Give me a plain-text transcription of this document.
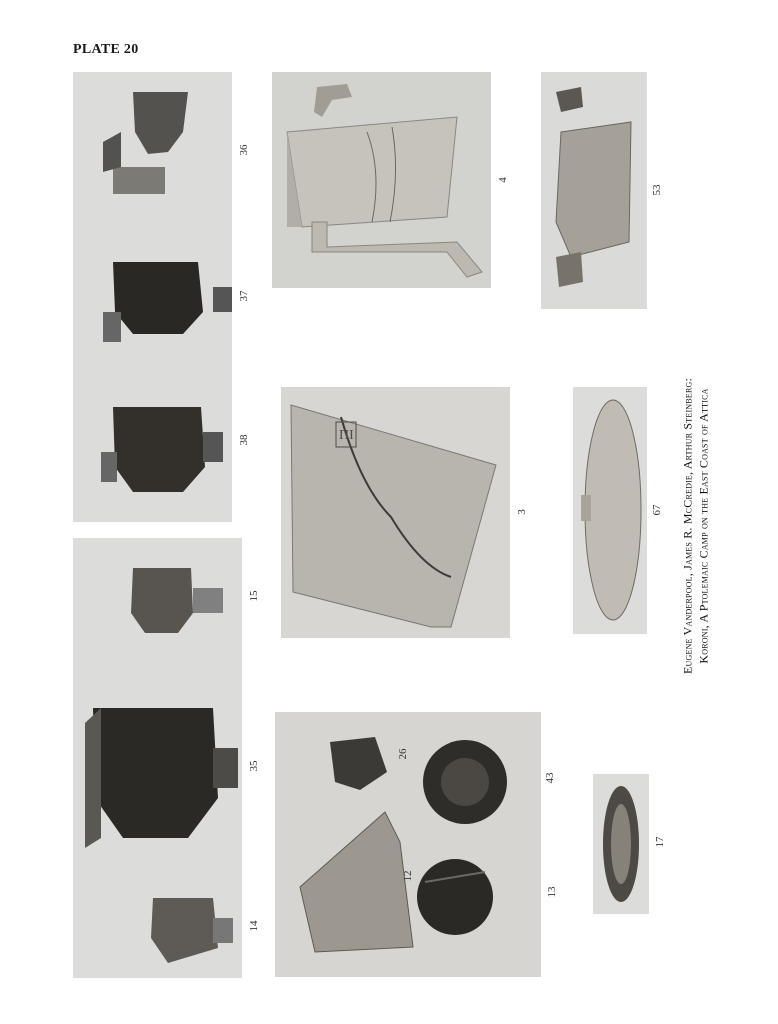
PLATE 20
36
37
38
15
35
14
4
ΠΙ
3
26
43
12
13
53
67
17
Eugene Vanderpool, James R. McCredie, Arthur Steinberg: Koroni, A Ptolemaic Camp on the East Coast of Attica
